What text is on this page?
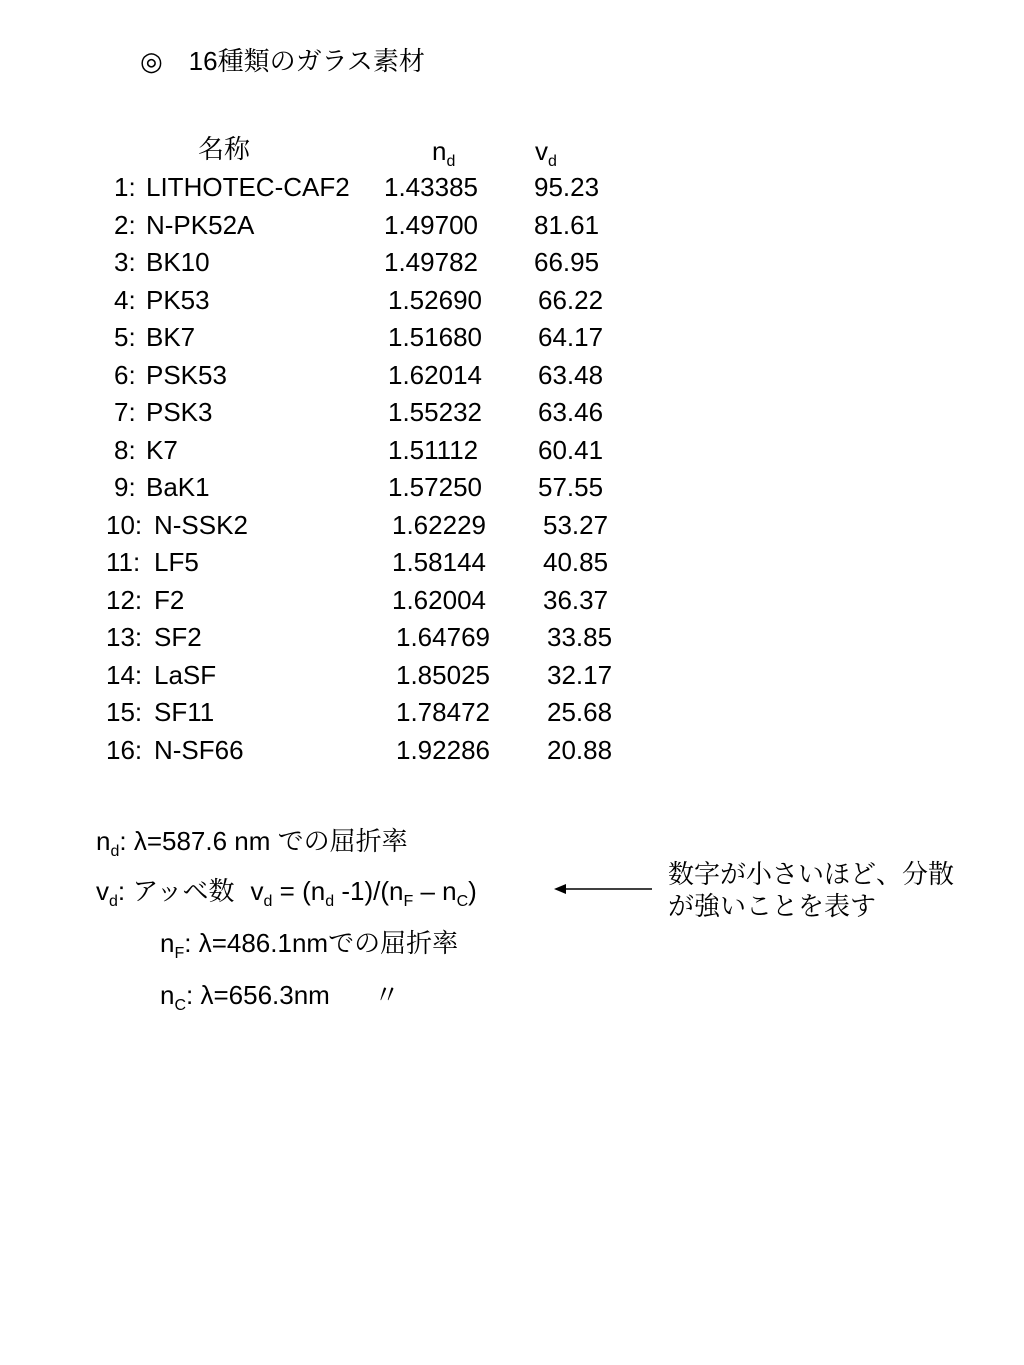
◎　16種類のガラス素材
名称	$n_d$	$v_d$
1: LITHOTEC-CAF2 1.43385 95.23
2: N-PK52A	1.49700 81.61
3: BK10	1.49782 66.95
4: PK53	1.52690 66.22
5: BK7	1.51680 64.17
6: PSK53	1.62014 63.48
7: PSK3	1.55232 63.46
8: K7	1.51112 60.41
9: BaK1	1.57250 57.55
10: N-SSK2	1.62229 53.27
11: LF5	1.58144 40.85
12: F2	1.62004 36.37
13: SF2	1.64769 33.85
14: LaSF	1.85025 32.17
15: SF11	1.78472 25.68
16: N-SF66	1.92286 20.88
$n_d$: λ=587.6 nm での屈折率
$v_d$: アッベ数 $v_d = (n_d$ $-1)/(n_F - n_C)$
$n_F$: λ=486.1nmでの屈折率
$n_C$: λ=656.3nm 〃
数字が小さいほど、分散
が強いことを表す
